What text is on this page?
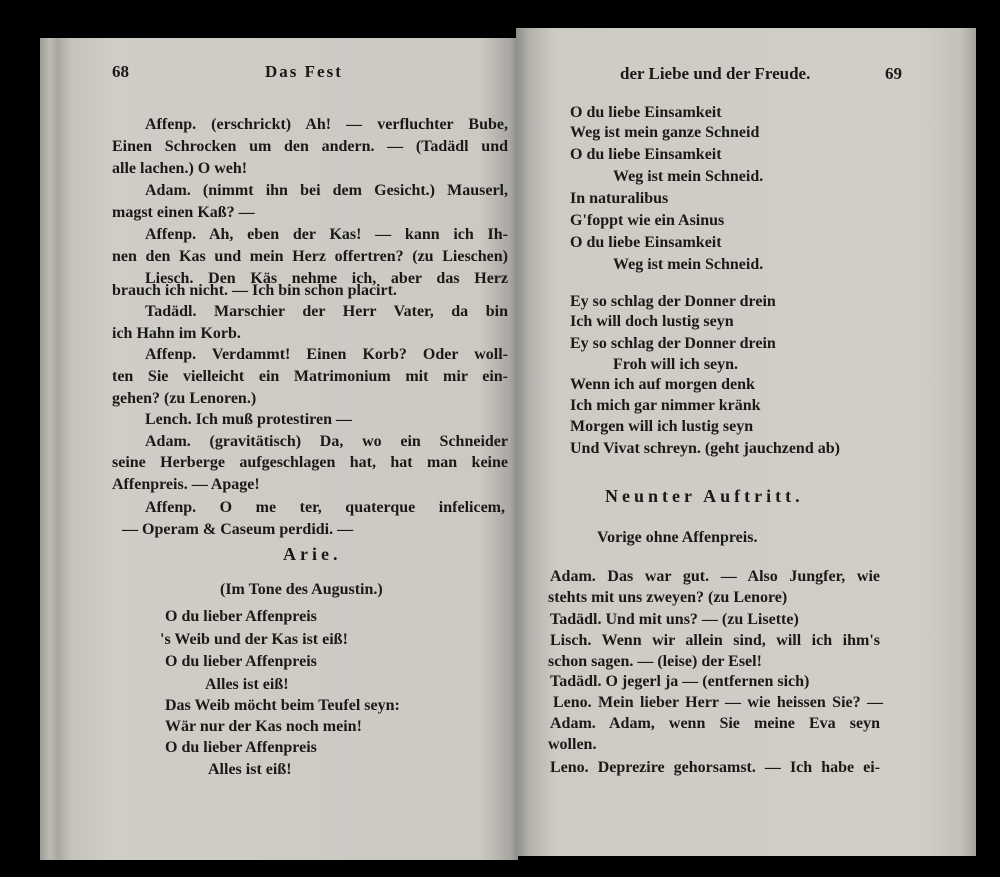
68	Das Fest	der Liebe und der Freude.	69
Affenp. (erschrickt) Ah! — verfluchter Bube,
Einen Schrocken um den andern. — (Tadädl und
alle lachen.) O weh!
Adam. (nimmt ihn bei dem Gesicht.) Mauserl,
magst einen Kaß? —
Affenp. Ah, eben der Kas! — kann ich Ih-
nen den Kas und mein Herz offertren? (zu Lieschen)
Liesch. Den Käs nehme ich, aber das Herz
brauch ich nicht. — Ich bin schon placirt.
Tadädl. Marschier der Herr Vater, da bin
ich Hahn im Korb.
Affenp. Verdammt! Einen Korb? Oder woll-
ten Sie vielleicht ein Matrimonium mit mir ein-
gehen? (zu Lenoren.)
Lench. Ich muß protestiren —
Adam. (gravitätisch) Da, wo ein Schneider
seine Herberge aufgeschlagen hat, hat man keine
Affenpreis. — Apage!
Affenp. O me ter, quaterque infelicem,
— Operam & Caseum perdidi. —
Arie.
(Im Tone des Augustin.)
O du lieber Affenpreis
's Weib und der Kas ist eiß!
O du lieber Affenpreis
Alles ist eiß!
Das Weib möcht beim Teufel seyn:
Wär nur der Kas noch mein!
O du lieber Affenpreis
Alles ist eiß!
O du liebe Einsamkeit
Weg ist mein ganze Schneid
O du liebe Einsamkeit
Weg ist mein Schneid.
In naturalibus
G'foppt wie ein Asinus
O du liebe Einsamkeit
Weg ist mein Schneid.
Ey so schlag der Donner drein
Ich will doch lustig seyn
Ey so schlag der Donner drein
Froh will ich seyn.
Wenn ich auf morgen denk
Ich mich gar nimmer kränk
Morgen will ich lustig seyn
Und Vivat schreyn. (geht jauchzend ab)
Neunter Auftritt.
Vorige ohne Affenpreis.
Adam. Das war gut. — Also Jungfer, wie
stehts mit uns zweyen? (zu Lenore)
Tadädl. Und mit uns? — (zu Lisette)
Lisch. Wenn wir allein sind, will ich ihm's
schon sagen. — (leise) der Esel!
Tadädl. O jegerl ja — (entfernen sich)
Leno. Mein lieber Herr — wie heissen Sie? —
Adam. Adam, wenn Sie meine Eva seyn
wollen.
Leno. Deprezire gehorsamst. — Ich habe ei-
